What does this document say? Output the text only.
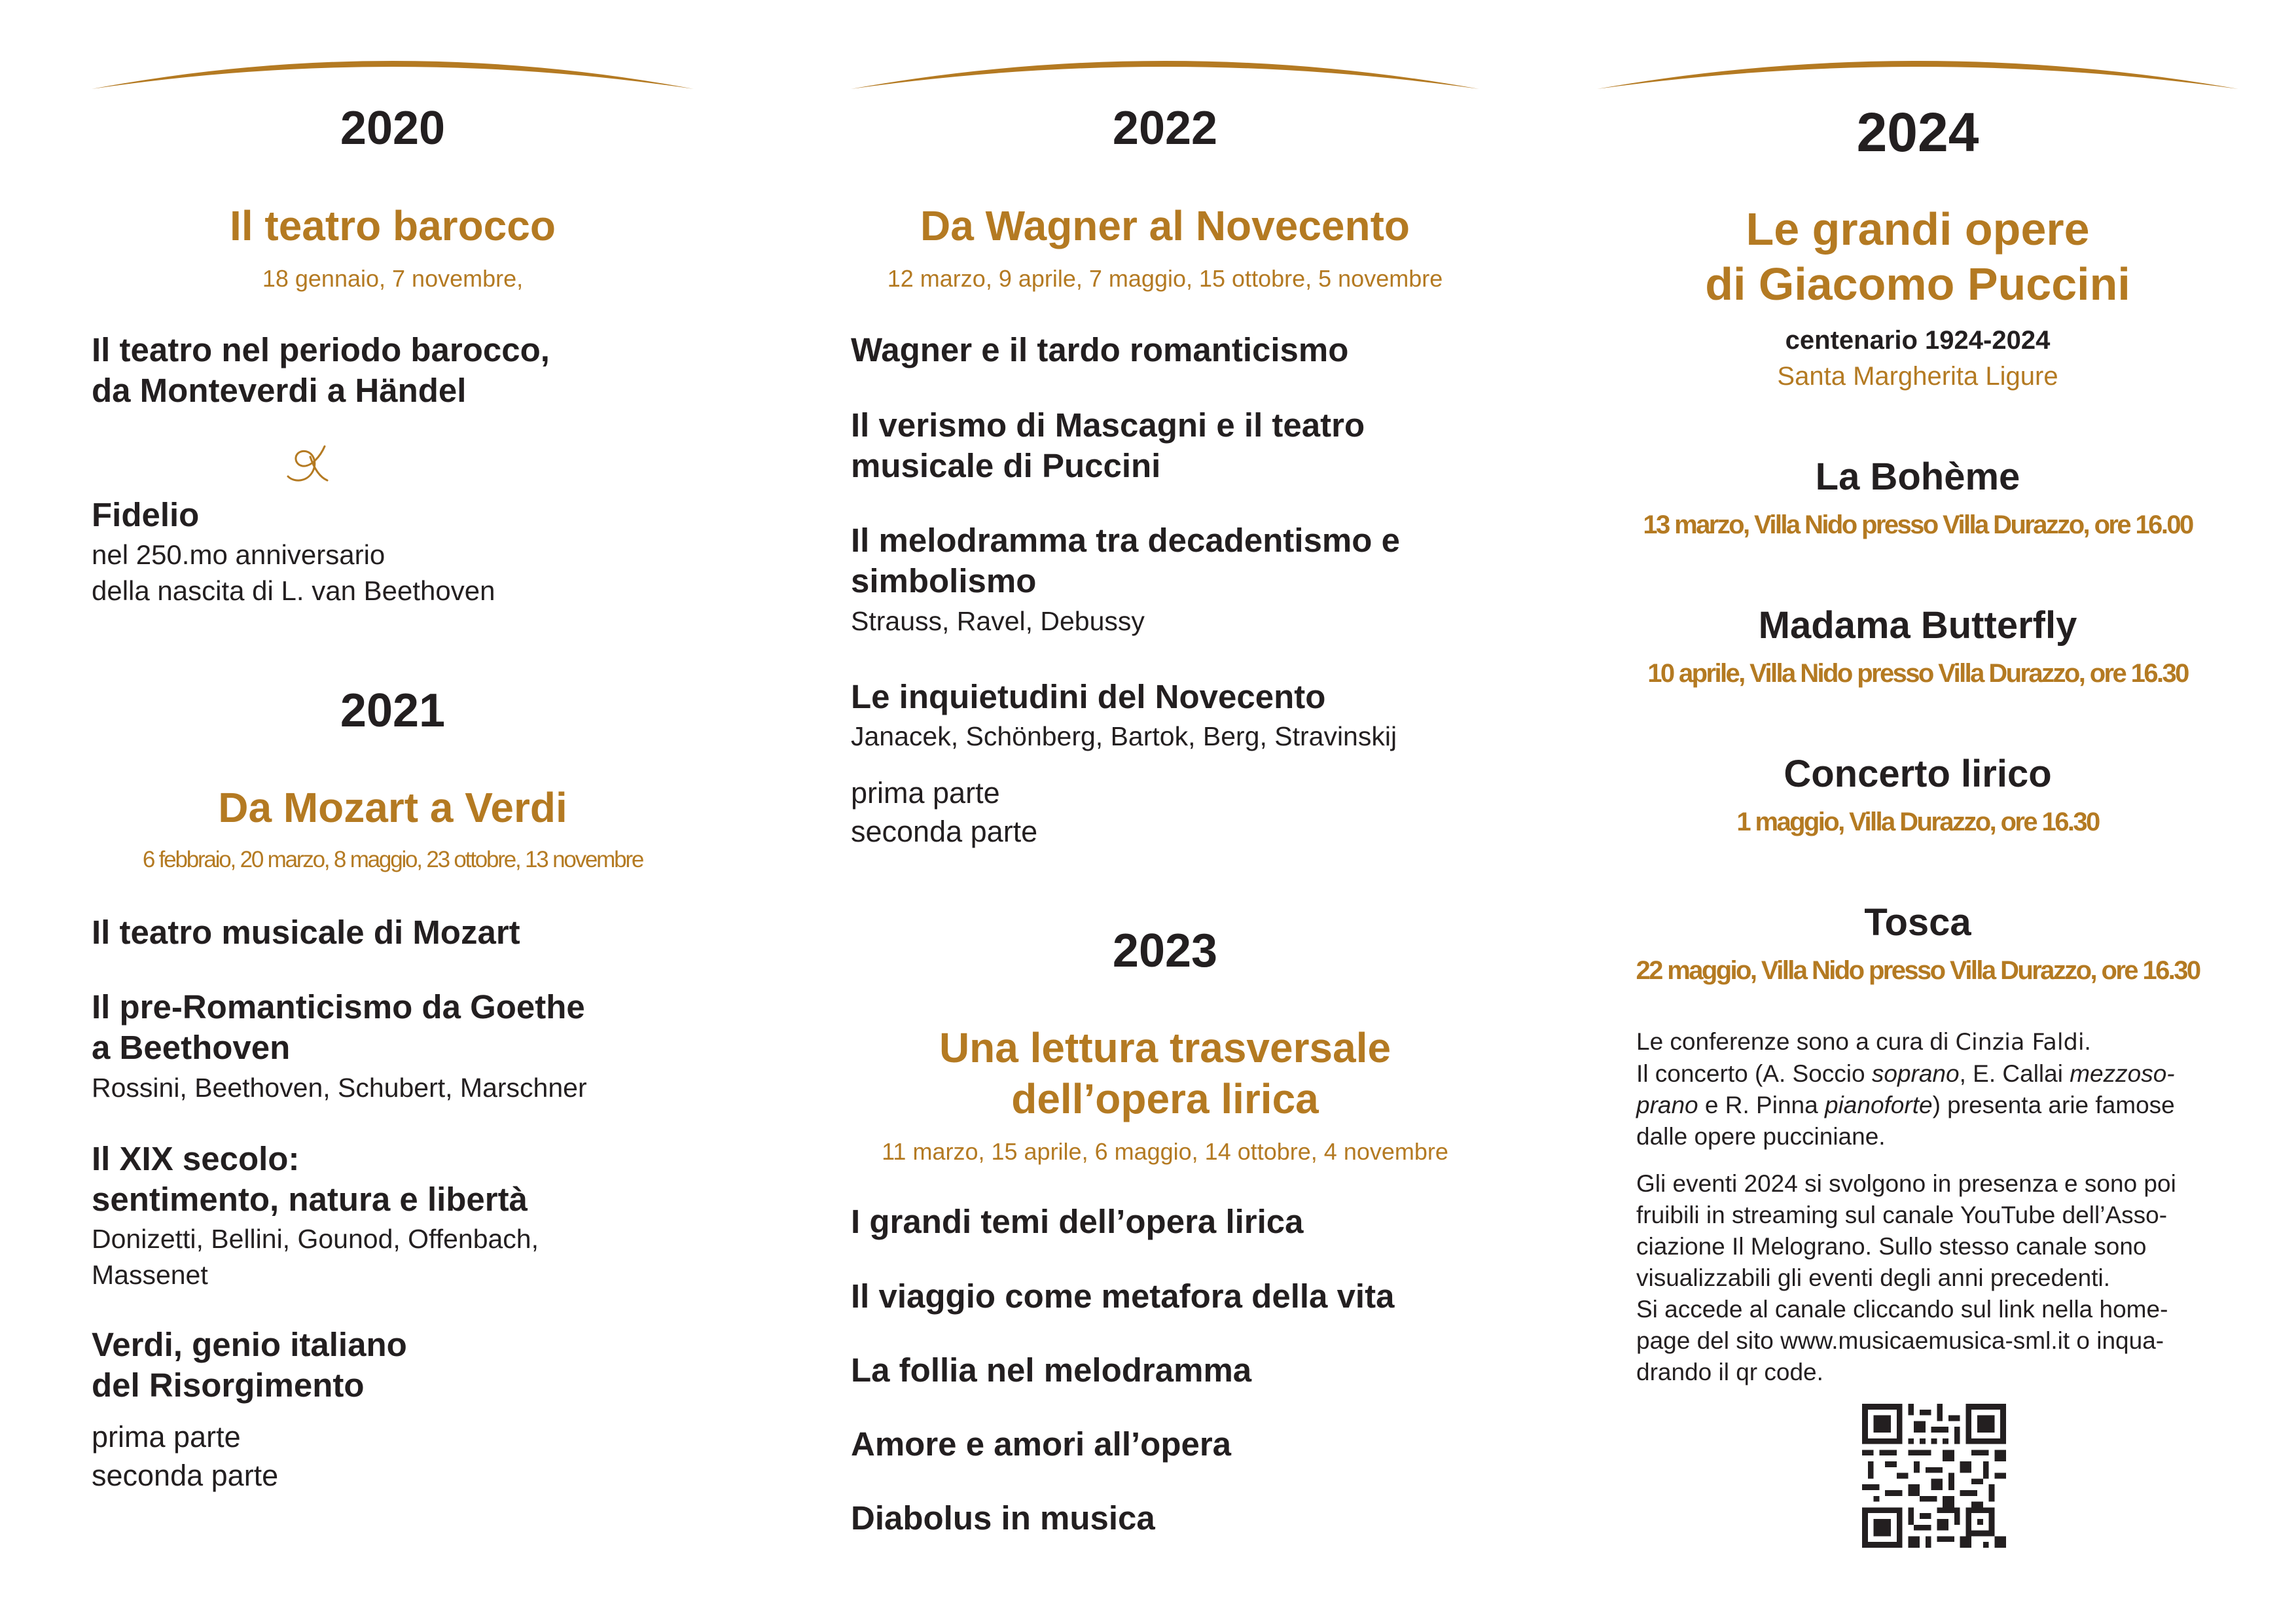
2020
Il teatro barocco
18 gennaio, 7 novembre,
Il teatro nel periodo barocco,
da Monteverdi a Händel
Fidelio
nel 250.mo anniversario
della nascita di L. van Beethoven
2021
Da Mozart a Verdi
6 febbraio, 20 marzo, 8 maggio, 23 ottobre, 13 novembre
Il teatro musicale di Mozart
Il pre-Romanticismo da Goethe
a Beethoven
Rossini, Beethoven, Schubert, Marschner
Il XIX secolo:
sentimento, natura e libertà
Donizetti, Bellini, Gounod, Offenbach,
Massenet
Verdi, genio italiano
del Risorgimento
prima parte
seconda parte
2022
Da Wagner al Novecento
12 marzo, 9 aprile, 7 maggio, 15 ottobre, 5 novembre
Wagner e il tardo romanticismo
Il verismo di Mascagni e il teatro
musicale di Puccini
Il melodramma tra decadentismo e
simbolismo
Strauss, Ravel, Debussy
Le inquietudini del Novecento
Janacek, Schönberg, Bartok, Berg, Stravinskij
prima parte
seconda parte
2023
Una lettura trasversale
dell’opera lirica
11 marzo, 15 aprile, 6 maggio, 14 ottobre, 4 novembre
I grandi temi dell’opera lirica
Il viaggio come metafora della vita
La follia nel melodramma
Amore e amori all’opera
Diabolus in musica
2024
Le grandi opere
di Giacomo Puccini
centenario 1924-2024
Santa Margherita Ligure
La Bohème
13 marzo, Villa Nido presso Villa Durazzo, ore 16.00
Madama Butterfly
10 aprile, Villa Nido presso Villa Durazzo, ore 16.30
Concerto lirico
1 maggio, Villa Durazzo, ore 16.30
Tosca
22 maggio, Villa Nido presso Villa Durazzo, ore 16.30
Le conferenze sono a cura di Cinzia Faldi.
Il concerto (A. Soccio soprano, E. Callai mezzoso-
prano e R. Pinna pianoforte) presenta arie famose
dalle opere pucciniane.
Gli eventi 2024 si svolgono in presenza e sono poi
fruibili in streaming sul canale YouTube dell’Asso-
ciazione Il Melograno. Sullo stesso canale sono
visualizzabili gli eventi degli anni precedenti.
Si accede al canale cliccando sul link nella home-
page del sito www.musicaemusica-sml.it o inqua-
drando il qr code.
